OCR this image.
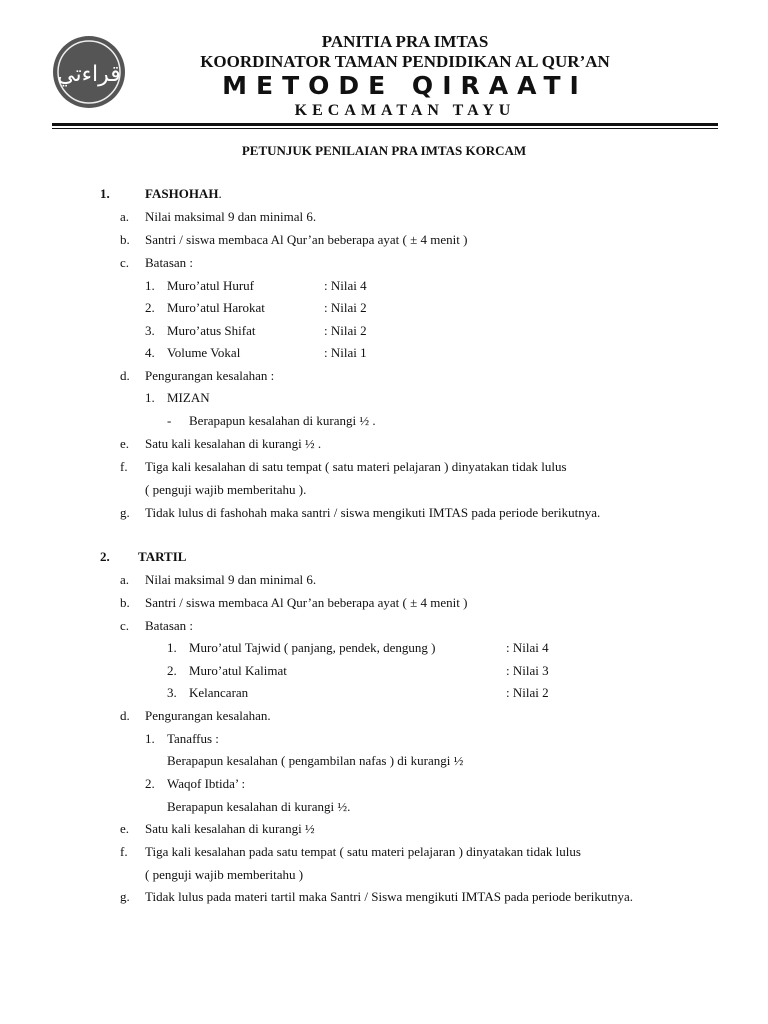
قراءتي
PANITIA PRA IMTAS
KOORDINATOR TAMAN PENDIDIKAN AL QUR’AN
METODE QIRAATI
KECAMATAN TAYU
PETUNJUK PENILAIAN PRA IMTAS KORCAM
1.	FASHOHAH.
a. Nilai maksimal 9 dan minimal 6.
b. Santri / siswa membaca Al Qur’an beberapa ayat ( ± 4 menit )
c. Batasan :
1. Muro’atul Huruf	: Nilai 4
2. Muro’atul Harokat	: Nilai 2
3. Muro’atus Shifat	: Nilai 2
4. Volume Vokal	: Nilai 1
d. Pengurangan kesalahan :
1. MIZAN
- Berapapun kesalahan di kurangi ½ .
e. Satu kali kesalahan di kurangi ½ .
f. Tiga kali kesalahan di satu tempat ( satu materi pelajaran ) dinyatakan tidak lulus
( penguji wajib memberitahu ).
g. Tidak lulus di fashohah maka santri / siswa mengikuti IMTAS pada periode berikutnya.
2. TARTIL
a. Nilai maksimal 9 dan minimal 6.
b. Santri / siswa membaca Al Qur’an beberapa ayat ( ± 4 menit )
c. Batasan :
1. Muro’atul Tajwid ( panjang, pendek, dengung )	: Nilai 4
2. Muro’atul Kalimat	: Nilai 3
3. Kelancaran	: Nilai 2
d. Pengurangan kesalahan.
1. Tanaffus :
Berapapun kesalahan ( pengambilan nafas ) di kurangi ½
2. Waqof Ibtida’ :
Berapapun kesalahan di kurangi ½.
e. Satu kali kesalahan di kurangi ½
f. Tiga kali kesalahan pada satu tempat ( satu materi pelajaran ) dinyatakan tidak lulus
( penguji wajib memberitahu )
g. Tidak lulus pada materi tartil maka Santri / Siswa mengikuti IMTAS pada periode berikutnya.
